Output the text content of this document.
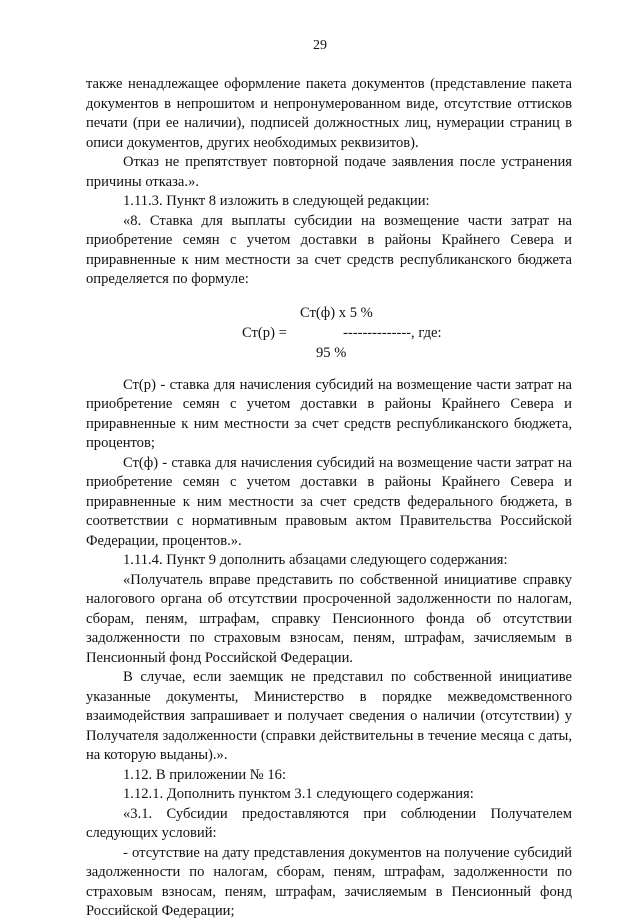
29

также ненадлежащее оформление пакета документов (представление пакета документов в непрошитом и непронумерованном виде, отсутствие оттисков печати (при ее наличии), подписей должностных лиц, нумерации страниц в описи документов, других необходимых реквизитов).

Отказ не препятствует повторной подаче заявления после устранения причины отказа.».

1.11.3. Пункт 8 изложить в следующей редакции:

«8. Ставка для выплаты субсидии на возмещение части затрат на приобретение семян с учетом доставки в районы Крайнего Севера и приравненные к ним местности за счет средств республиканского бюджета определяется по формуле:

Ст(ф) x 5 %
Ст(р) =	--------------, где:
95 %

Ст(р) - ставка для начисления субсидий на возмещение части затрат на приобретение семян с учетом доставки в районы Крайнего Севера и приравненные к ним местности за счет средств республиканского бюджета, процентов;

Ст(ф) - ставка для начисления субсидий на возмещение части затрат на приобретение семян с учетом доставки в районы Крайнего Севера и приравненные к ним местности за счет средств федерального бюджета, в соответствии с нормативным правовым актом Правительства Российской Федерации, процентов.».

1.11.4. Пункт 9 дополнить абзацами следующего содержания:

«Получатель вправе представить по собственной инициативе справку налогового органа об отсутствии просроченной задолженности по налогам, сборам, пеням, штрафам, справку Пенсионного фонда об отсутствии задолженности по страховым взносам, пеням, штрафам, зачисляемым в Пенсионный фонд Российской Федерации.

В случае, если заемщик не представил по собственной инициативе указанные документы, Министерство в порядке межведомственного взаимодействия запрашивает и получает сведения о наличии (отсутствии) у Получателя задолженности (справки действительны в течение месяца с даты, на которую выданы).».

1.12. В приложении № 16:

1.12.1. Дополнить пунктом 3.1 следующего содержания:

«3.1. Субсидии предоставляются при соблюдении Получателем следующих условий:

- отсутствие на дату представления документов на получение субсидий задолженности по налогам, сборам, пеням, штрафам, задолженности по страховым взносам, пеням, штрафам, зачисляемым в Пенсионный фонд Российской Федерации;
